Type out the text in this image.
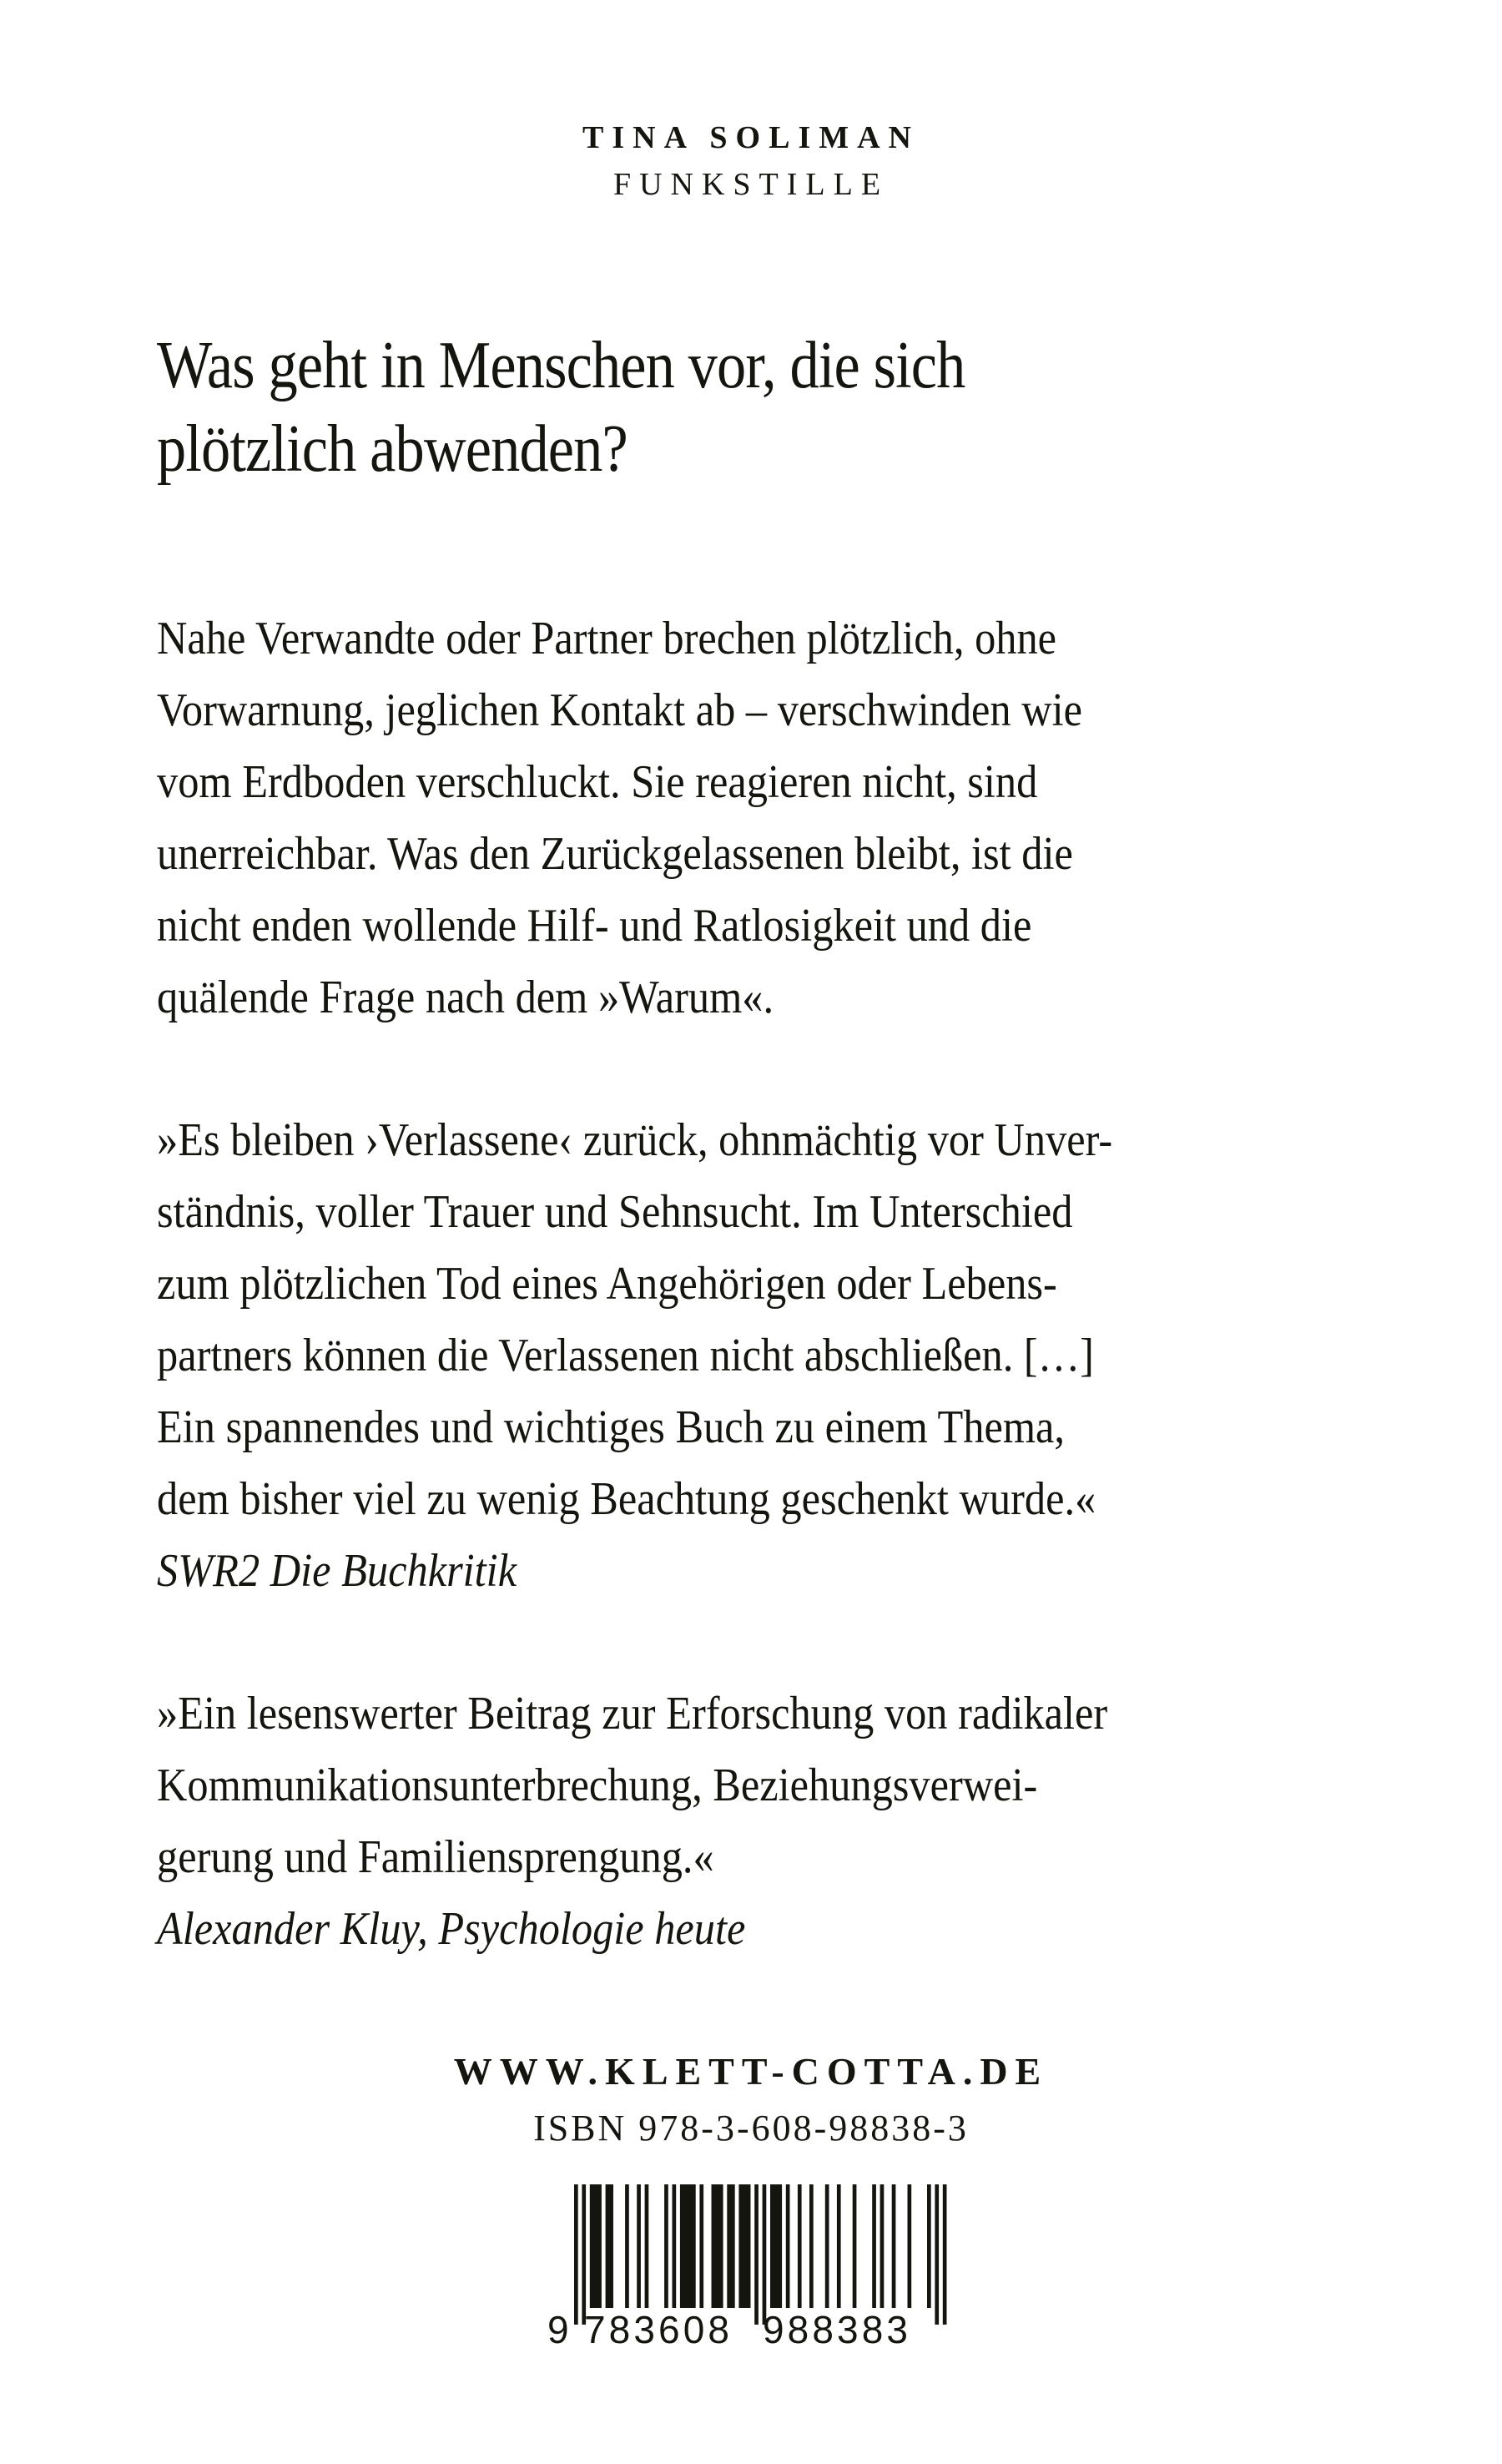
TINA SOLIMAN
FUNKSTILLE
Was geht in Menschen vor, die sich
plötzlich abwenden?
Nahe Verwandte oder Partner brechen plötzlich, ohne
Vorwarnung, jeglichen Kontakt ab – verschwinden wie
vom Erdboden verschluckt. Sie reagieren nicht, sind
unerreichbar. Was den Zurückgelassenen bleibt, ist die
nicht enden wollende Hilf- und Ratlosigkeit und die
quälende Frage nach dem »Warum«.
»Es bleiben ›Verlassene‹ zurück, ohnmächtig vor Unver-
ständnis, voller Trauer und Sehnsucht. Im Unterschied
zum plötzlichen Tod eines Angehörigen oder Lebens-
partners können die Verlassenen nicht abschließen. […]
Ein spannendes und wichtiges Buch zu einem Thema,
dem bisher viel zu wenig Beachtung geschenkt wurde.«
SWR2 Die Buchkritik
»Ein lesenswerter Beitrag zur Erforschung von radikaler
Kommunikationsunterbrechung, Beziehungsverwei-
gerung und Familiensprengung.«
Alexander Kluy, Psychologie heute
WWW.KLETT-COTTA.DE
ISBN 978-3-608-98838-3
9 783608 988383
